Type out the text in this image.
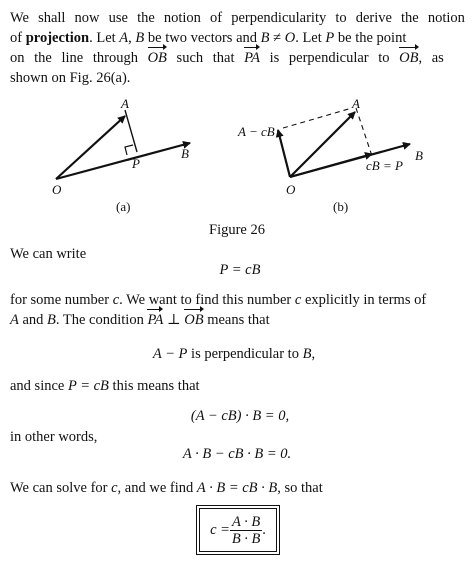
We shall now use the notion of perpendicularity to derive the notion
of projection. Let A, B be two vectors and B ≠ O. Let P be the point
on the line through OB such that PA is perpendicular to OB, as
shown on Fig. 26(a).
A
B
P
O
(a)
A
B
A − cB
cB = P
O
(b)
Figure 26
We can write
P = cB
for some number c. We want to find this number c explicitly in terms of
A and B. The condition PA ⊥ OB means that
A − P is perpendicular to B,
and since P = cB this means that
(A − cB) · B = 0,
in other words,
A · B − cB · B = 0.
We can solve for c, and we find A · B = cB · B, so that
$c = \frac{A \cdot B}{B \cdot B}$ .
